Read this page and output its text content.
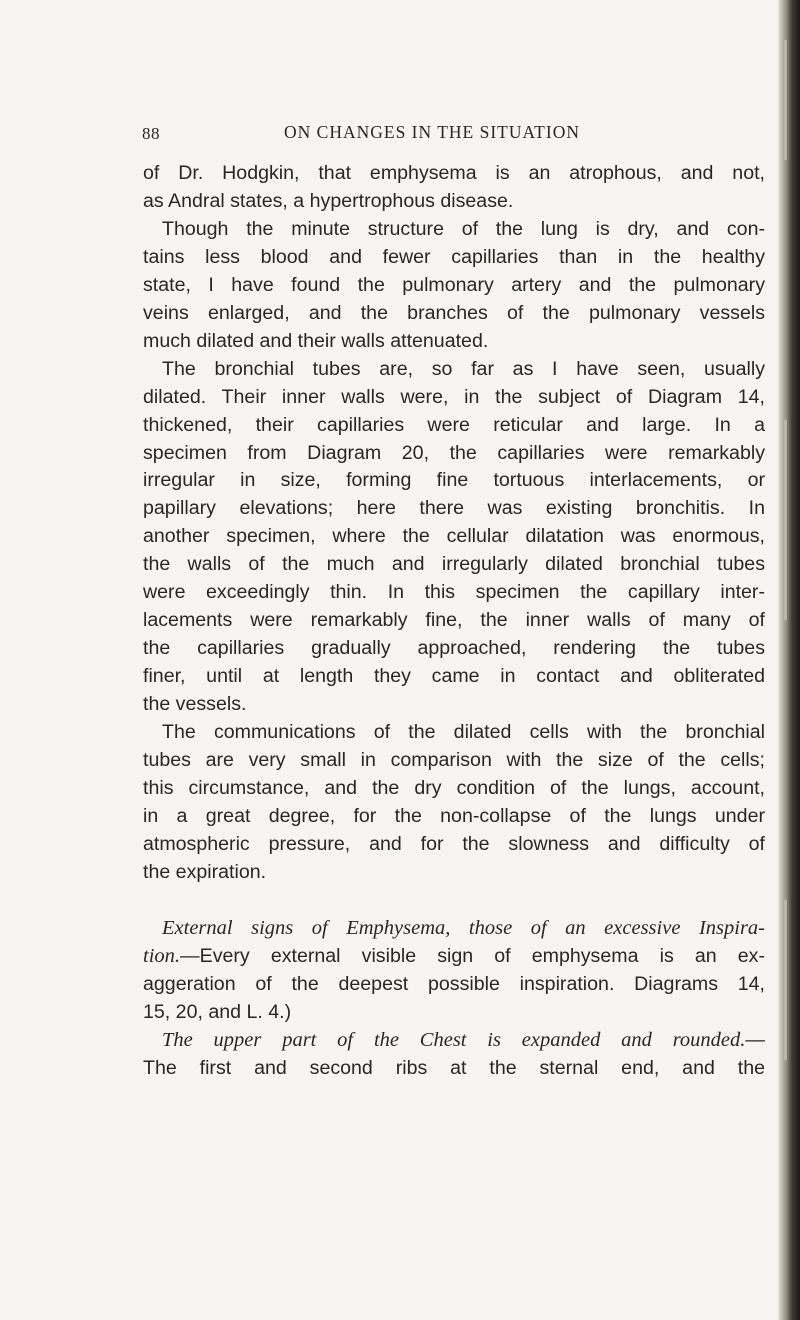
88	ON CHANGES IN THE SITUATION
of Dr. Hodgkin, that emphysema is an atrophous, and not,
as Andral states, a hypertrophous disease.
Though the minute structure of the lung is dry, and con-
tains less blood and fewer capillaries than in the healthy
state, I have found the pulmonary artery and the pulmonary
veins enlarged, and the branches of the pulmonary vessels
much dilated and their walls attenuated.
The bronchial tubes are, so far as I have seen, usually
dilated. Their inner walls were, in the subject of Diagram 14,
thickened, their capillaries were reticular and large. In a
specimen from Diagram 20, the capillaries were remarkably
irregular in size, forming fine tortuous interlacements, or
papillary elevations; here there was existing bronchitis. In
another specimen, where the cellular dilatation was enormous,
the walls of the much and irregularly dilated bronchial tubes
were exceedingly thin. In this specimen the capillary inter-
lacements were remarkably fine, the inner walls of many of
the capillaries gradually approached, rendering the tubes
finer, until at length they came in contact and obliterated
the vessels.
The communications of the dilated cells with the bronchial
tubes are very small in comparison with the size of the cells;
this circumstance, and the dry condition of the lungs, account,
in a great degree, for the non-collapse of the lungs under
atmospheric pressure, and for the slowness and difficulty of
the expiration.
External signs of Emphysema, those of an excessive Inspira-
tion.—Every external visible sign of emphysema is an ex-
aggeration of the deepest possible inspiration. Diagrams 14,
15, 20, and L. 4.)
The upper part of the Chest is expanded and rounded.—
The first and second ribs at the sternal end, and the
